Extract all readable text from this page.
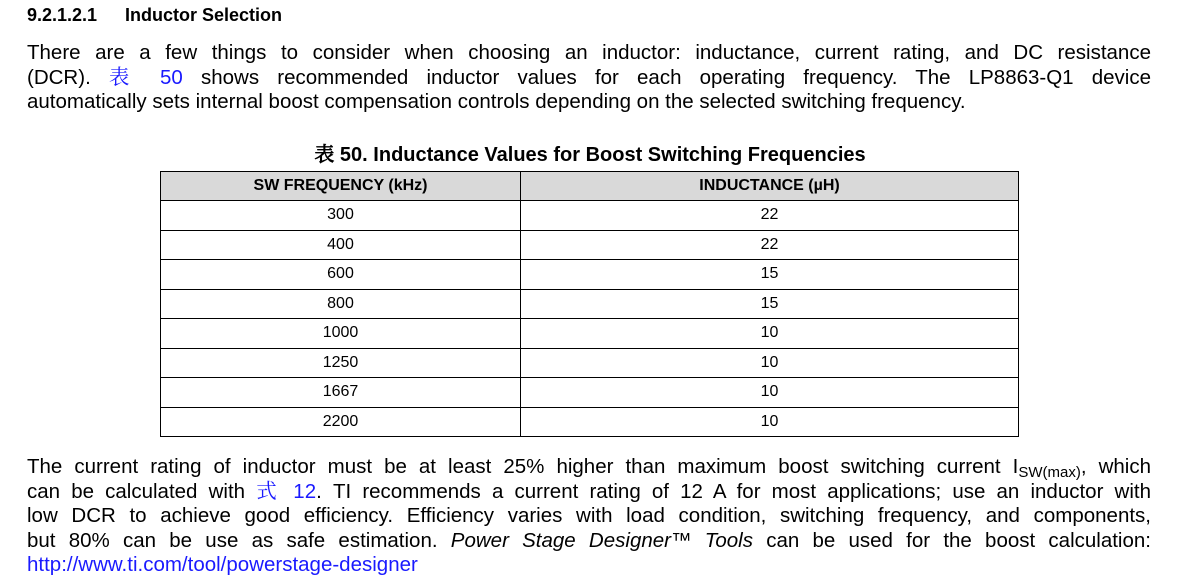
9.2.1.2.1 Inductor Selection
There are a few things to consider when choosing an inductor: inductance, current rating, and DC resistance
(DCR). 表 50 shows recommended inductor values for each operating frequency. The LP8863-Q1 device
automatically sets internal boost compensation controls depending on the selected switching frequency.
表 50. Inductance Values for Boost Switching Frequencies
SW FREQUENCY (kHz)	INDUCTANCE (µH)
300	22
400	22
600	15
800	15
1000	10
1250	10
1667	10
2200	10
The current rating of inductor must be at least 25% higher than maximum boost switching current $I_{SW(max)}$, which
can be calculated with 式 12. TI recommends a current rating of 12 A for most applications; use an inductor with
low DCR to achieve good efficiency. Efficiency varies with load condition, switching frequency, and components,
but 80% can be use as safe estimation. Power Stage Designer™ Tools can be used for the boost calculation:
http://www.ti.com/tool/powerstage-designer
